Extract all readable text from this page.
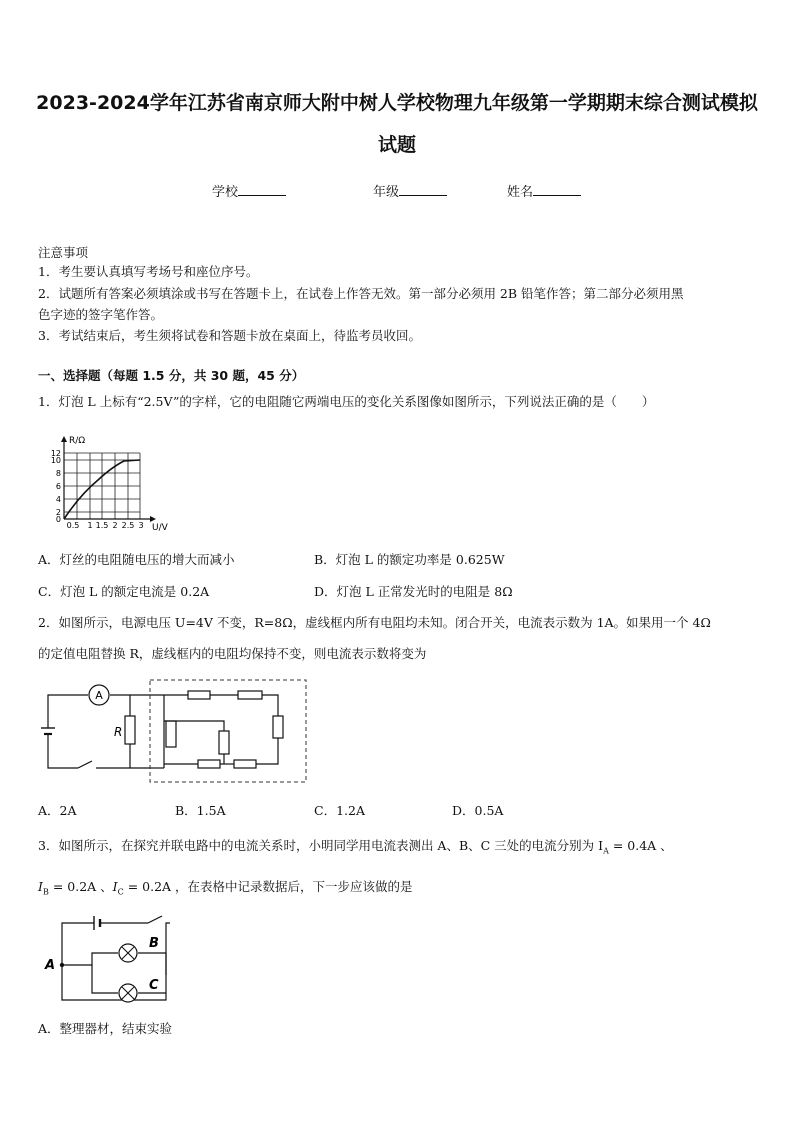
2023-2024学年江苏省南京师大附中树人学校物理九年级第一学期期末综合测试模拟
试题
学校	年级	姓名
注意事项
1．考生要认真填写考场号和座位序号。
2．试题所有答案必须填涂或书写在答题卡上，在试卷上作答无效。第一部分必须用 2B 铅笔作答；第二部分必须用黑
色字迹的签字笔作答。
3．考试结束后，考生须将试卷和答题卡放在桌面上，待监考员收回。
一、选择题（每题 1.5 分，共 30 题，45 分）
1．灯泡 L 上标有“2.5V”的字样，它的电阻随它两端电压的变化关系图像如图所示，下列说法正确的是（　　）
R/Ω
U/V
12
10
8
6
4
2
0
0.5 1 1.5 2 2.5 3
A．灯丝的电阻随电压的增大而减小	B．灯泡 L 的额定功率是 0.625W
C．灯泡 L 的额定电流是 0.2A	D．灯泡 L 正常发光时的电阻是 8Ω
2．如图所示，电源电压 U=4V 不变，R=8Ω，虚线框内所有电阻均未知。闭合开关，电流表示数为 1A。如果用一个 4Ω
的定值电阻替换 R，虚线框内的电阻均保持不变，则电流表示数将变为
A
R
A．2A	B．1.5A	C．1.2A	D．0.5A
3．如图所示，在探究并联电路中的电流关系时，小明同学用电流表测出 A、B、C 三处的电流分别为 $I_A = 0.4A$ 、
$I_B = 0.2A$ 、$I_C = 0.2A$ ，在表格中记录数据后，下一步应该做的是
A
B
C
A．整理器材，结束实验
